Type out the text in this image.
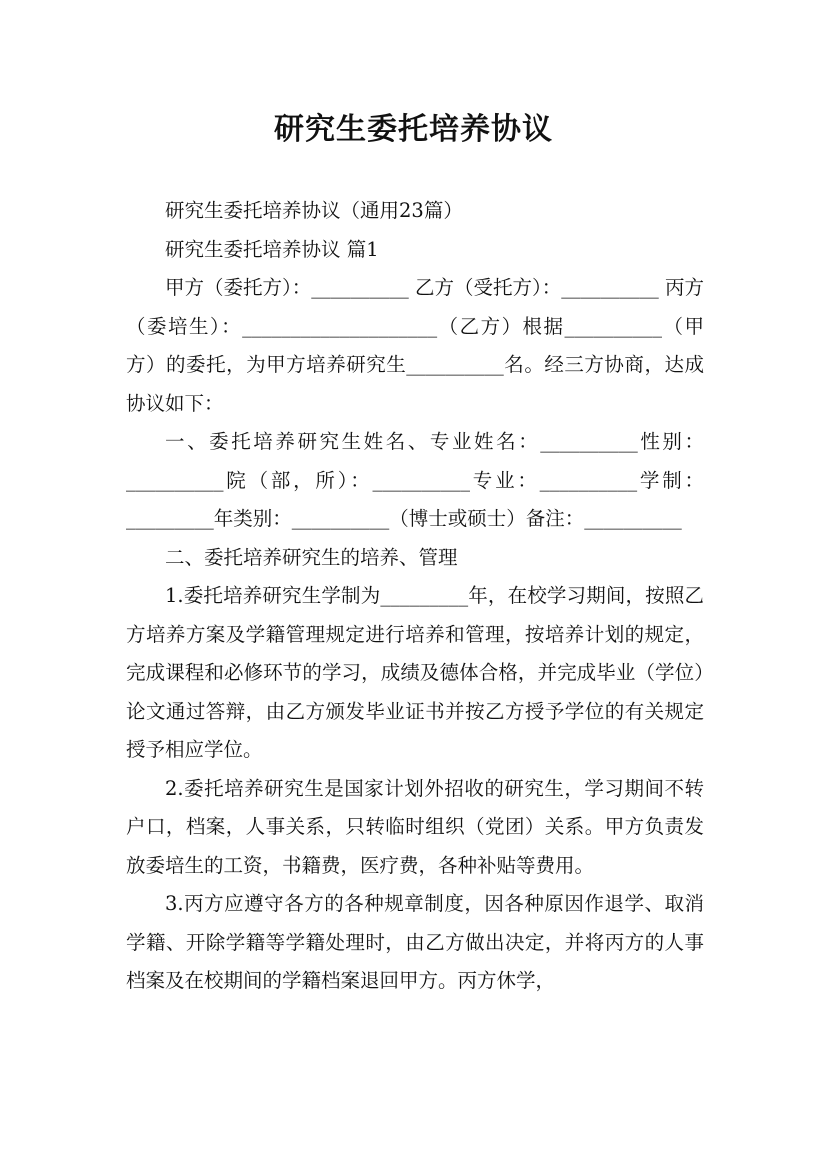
研究生委托培养协议

研究生委托培养协议（通用23篇）

研究生委托培养协议 篇1

甲方（委托方）：__________ 乙方（受托方）：__________ 丙方（委培生）：____________________（乙方）根据__________（甲方）的委托，为甲方培养研究生__________名。经三方协商，达成协议如下：

一、委托培养研究生姓名、专业姓名：__________性别：__________院（部，所）：__________专业：__________学制：_________年类别：__________（博士或硕士）备注：__________

二、委托培养研究生的培养、管理

1.委托培养研究生学制为_________年，在校学习期间，按照乙方培养方案及学籍管理规定进行培养和管理，按培养计划的规定，完成课程和必修环节的学习，成绩及德体合格，并完成毕业（学位）论文通过答辩，由乙方颁发毕业证书并按乙方授予学位的有关规定授予相应学位。

2.委托培养研究生是国家计划外招收的研究生，学习期间不转户口，档案，人事关系，只转临时组织（党团）关系。甲方负责发放委培生的工资，书籍费，医疗费，各种补贴等费用。

3.丙方应遵守各方的各种规章制度，因各种原因作退学、取消学籍、开除学籍等学籍处理时，由乙方做出决定，并将丙方的人事档案及在校期间的学籍档案退回甲方。丙方休学，
